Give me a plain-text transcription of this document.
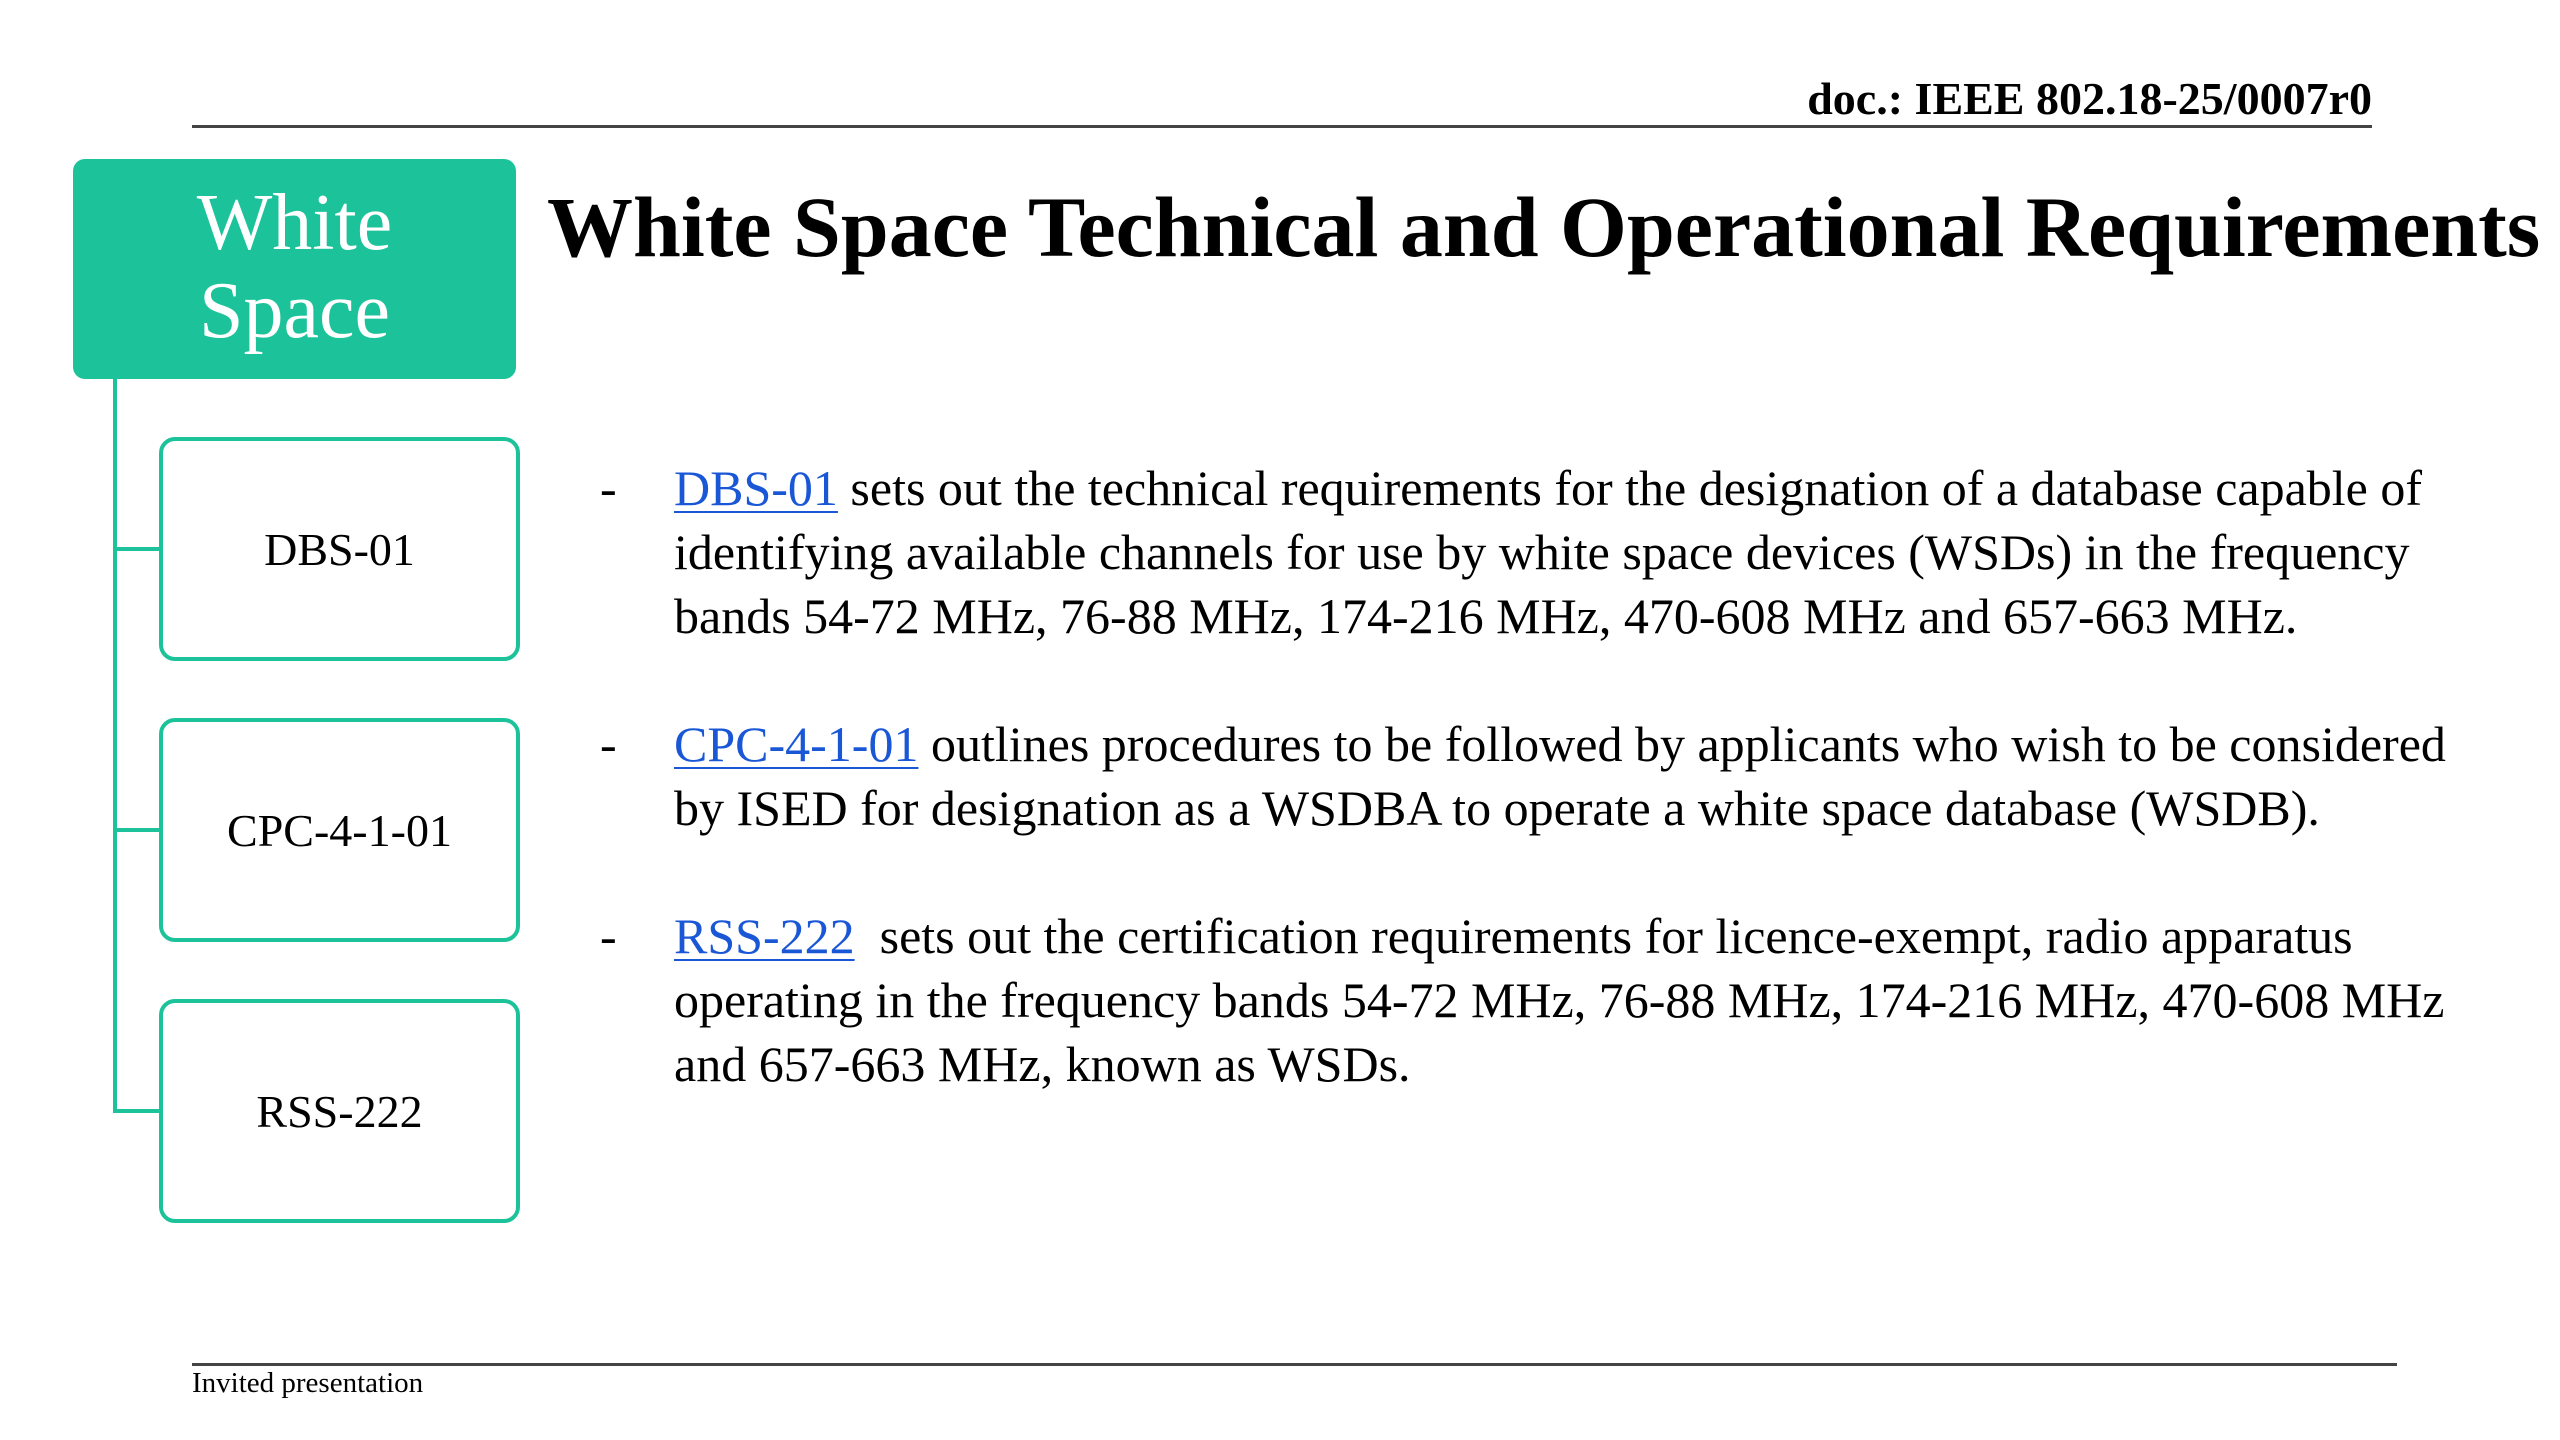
doc.: IEEE 802.18-25/0007r0
White Space
White Space Technical and Operational Requirements
DBS-01
CPC-4-1-01
RSS-222
- DBS-01 sets out the technical requirements for the designation of a database capable of identifying available channels for use by white space devices (WSDs) in the frequency bands 54-72 MHz, 76-88 MHz, 174-216 MHz, 470-608 MHz and 657-663 MHz.
- CPC-4-1-01 outlines procedures to be followed by applicants who wish to be considered by ISED for designation as a WSDBA to operate a white space database (WSDB).
- RSS-222  sets out the certification requirements for licence-exempt, radio apparatus operating in the frequency bands 54-72 MHz, 76-88 MHz, 174-216 MHz, 470-608 MHz and 657-663 MHz, known as WSDs.
Invited presentation
